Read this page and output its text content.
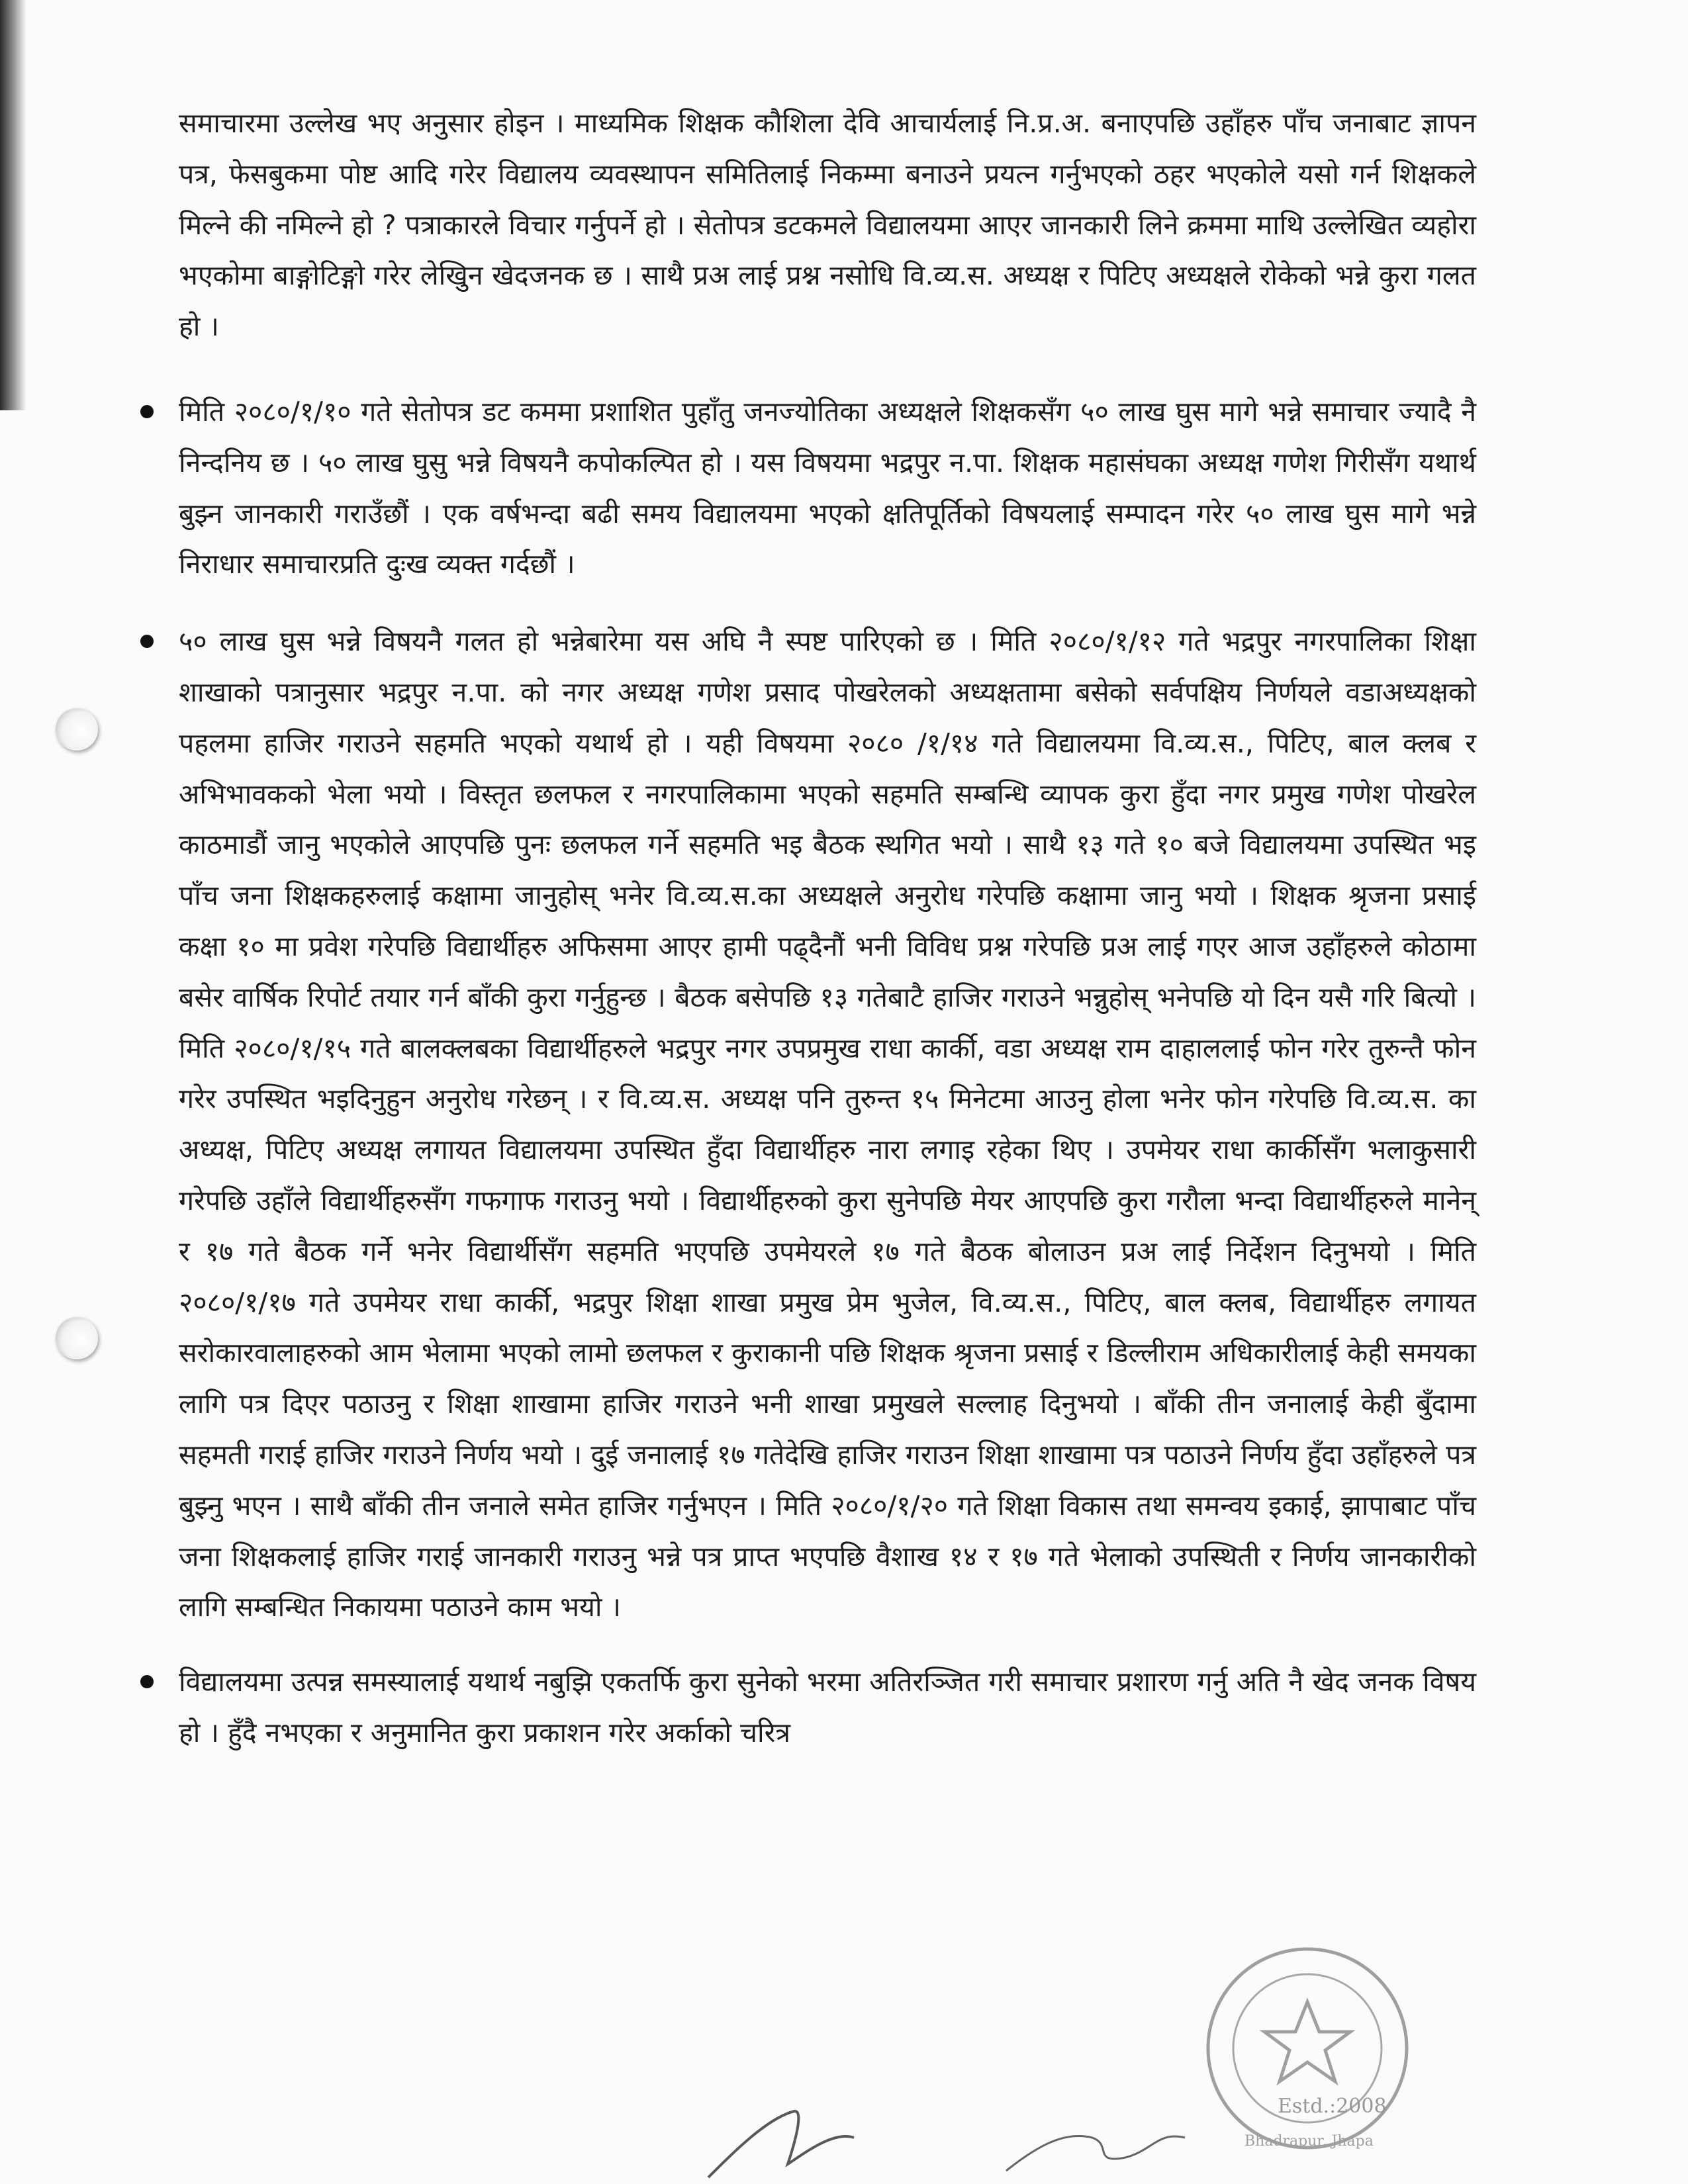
समाचारमा उल्लेख भए अनुसार होइन । माध्यमिक शिक्षक कौशिला देवि आचार्यलाई नि.प्र.अ. बनाएपछि उहाँहरु पाँच जनाबाट ज्ञापन पत्र, फेसबुकमा पोष्ट आदि गरेर विद्यालय व्यवस्थापन समितिलाई निकम्मा बनाउने प्रयत्न गर्नुभएको ठहर भएकोले यसो गर्न शिक्षकले मिल्ने की नमिल्ने हो ? पत्राकारले विचार गर्नुपर्ने हो । सेतोपत्र डटकमले विद्यालयमा आएर जानकारी लिने क्रममा माथि उल्लेखित व्यहोरा भएकोमा बाङ्गोटिङ्गो गरेर लेखिुन खेदजनक छ । साथै प्रअ लाई प्रश्न नसोधि वि.व्य.स. अध्यक्ष र पिटिए अध्यक्षले रोकेको भन्ने कुरा गलत हो ।

मिति २०८०/१/१० गते सेतोपत्र डट कममा प्रशाशित पुहाँतु जनज्योतिका अध्यक्षले शिक्षकसँग ५० लाख घुस मागे भन्ने समाचार ज्यादै नै निन्दनिय छ । ५० लाख घुसु भन्ने विषयनै कपोकल्पित हो । यस विषयमा भद्रपुर न.पा. शिक्षक महासंघका अध्यक्ष गणेश गिरीसँग यथार्थ बुझ्न जानकारी गराउँछौं । एक वर्षभन्दा बढी समय विद्यालयमा भएको क्षतिपूर्तिको विषयलाई सम्पादन गरेर ५० लाख घुस मागे भन्ने निराधार समाचारप्रति दुःख व्यक्त गर्दछौं ।

५० लाख घुस भन्ने विषयनै गलत हो भन्नेबारेमा यस अघि नै स्पष्ट पारिएको छ । मिति २०८०/१/१२ गते भद्रपुर नगरपालिका शिक्षा शाखाको पत्रानुसार भद्रपुर न.पा. को नगर अध्यक्ष गणेश प्रसाद पोखरेलको अध्यक्षतामा बसेको सर्वपक्षिय निर्णयले वडाअध्यक्षको पहलमा हाजिर गराउने सहमति भएको यथार्थ हो । यही विषयमा २०८० /१/१४ गते विद्यालयमा वि.व्य.स., पिटिए, बाल क्लब र अभिभावकको भेला भयो । विस्तृत छलफल र नगरपालिकामा भएको सहमति सम्बन्धि व्यापक कुरा हुँदा नगर प्रमुख गणेश पोखरेल काठमाडौं जानु भएकोले आएपछि पुनः छलफल गर्ने सहमति भइ बैठक स्थगित भयो । साथै १३ गते १० बजे विद्यालयमा उपस्थित भइ पाँच जना शिक्षकहरुलाई कक्षामा जानुहोस् भनेर वि.व्य.स.का अध्यक्षले अनुरोध गरेपछि कक्षामा जानु भयो । शिक्षक श्रृजना प्रसाई कक्षा १० मा प्रवेश गरेपछि विद्यार्थीहरु अफिसमा आएर हामी पढ्दैनौं भनी विविध प्रश्न गरेपछि प्रअ लाई गएर आज उहाँहरुले कोठामा बसेर वार्षिक रिपोर्ट तयार गर्न बाँकी कुरा गर्नुहुन्छ । बैठक बसेपछि १३ गतेबाटै हाजिर गराउने भन्नुहोस् भनेपछि यो दिन यसै गरि बित्यो । मिति २०८०/१/१५ गते बालक्लबका विद्यार्थीहरुले भद्रपुर नगर उपप्रमुख राधा कार्की, वडा अध्यक्ष राम दाहाललाई फोन गरेर तुरुन्तै फोन गरेर उपस्थित भइदिनुहुन अनुरोध गरेछन् । र वि.व्य.स. अध्यक्ष पनि तुरुन्त १५ मिनेटमा आउनु होला भनेर फोन गरेपछि वि.व्य.स. का अध्यक्ष, पिटिए अध्यक्ष लगायत विद्यालयमा उपस्थित हुँदा विद्यार्थीहरु नारा लगाइ रहेका थिए । उपमेयर राधा कार्कीसँग भलाकुसारी गरेपछि उहाँले विद्यार्थीहरुसँग गफगाफ गराउनु भयो । विद्यार्थीहरुको कुरा सुनेपछि मेयर आएपछि कुरा गरौला भन्दा विद्यार्थीहरुले मानेन् र १७ गते बैठक गर्ने भनेर विद्यार्थीसँग सहमति भएपछि उपमेयरले १७ गते बैठक बोलाउन प्रअ लाई निर्देशन दिनुभयो । मिति २०८०/१/१७ गते उपमेयर राधा कार्की, भद्रपुर शिक्षा शाखा प्रमुख प्रेम भुजेल, वि.व्य.स., पिटिए, बाल क्लब, विद्यार्थीहरु लगायत सरोकारवालाहरुको आम भेलामा भएको लामो छलफल र कुराकानी पछि शिक्षक श्रृजना प्रसाई र डिल्लीराम अधिकारीलाई केही समयका लागि पत्र दिएर पठाउनु र शिक्षा शाखामा हाजिर गराउने भनी शाखा प्रमुखले सल्लाह दिनुभयो । बाँकी तीन जनालाई केही बुँदामा सहमती गराई हाजिर गराउने निर्णय भयो । दुई जनालाई १७ गतेदेखि हाजिर गराउन शिक्षा शाखामा पत्र पठाउने निर्णय हुँदा उहाँहरुले पत्र बुझ्नु भएन । साथै बाँकी तीन जनाले समेत हाजिर गर्नुभएन । मिति २०८०/१/२० गते शिक्षा विकास तथा समन्वय इकाई, झापाबाट पाँच जना शिक्षकलाई हाजिर गराई जानकारी गराउनु भन्ने पत्र प्राप्त भएपछि वैशाख १४ र १७ गते भेलाको उपस्थिती र निर्णय जानकारीको लागि सम्बन्धित निकायमा पठाउने काम भयो ।

विद्यालयमा उत्पन्न समस्यालाई यथार्थ नबुझि एकतर्फि कुरा सुनेको भरमा अतिरञ्जित गरी समाचार प्रशारण गर्नु अति नै खेद जनक विषय हो । हुँदै नभएका र अनुमानित कुरा प्रकाशन गरेर अर्काको चरित्र

Estd.:2008
Bhadrapur, Jhapa
